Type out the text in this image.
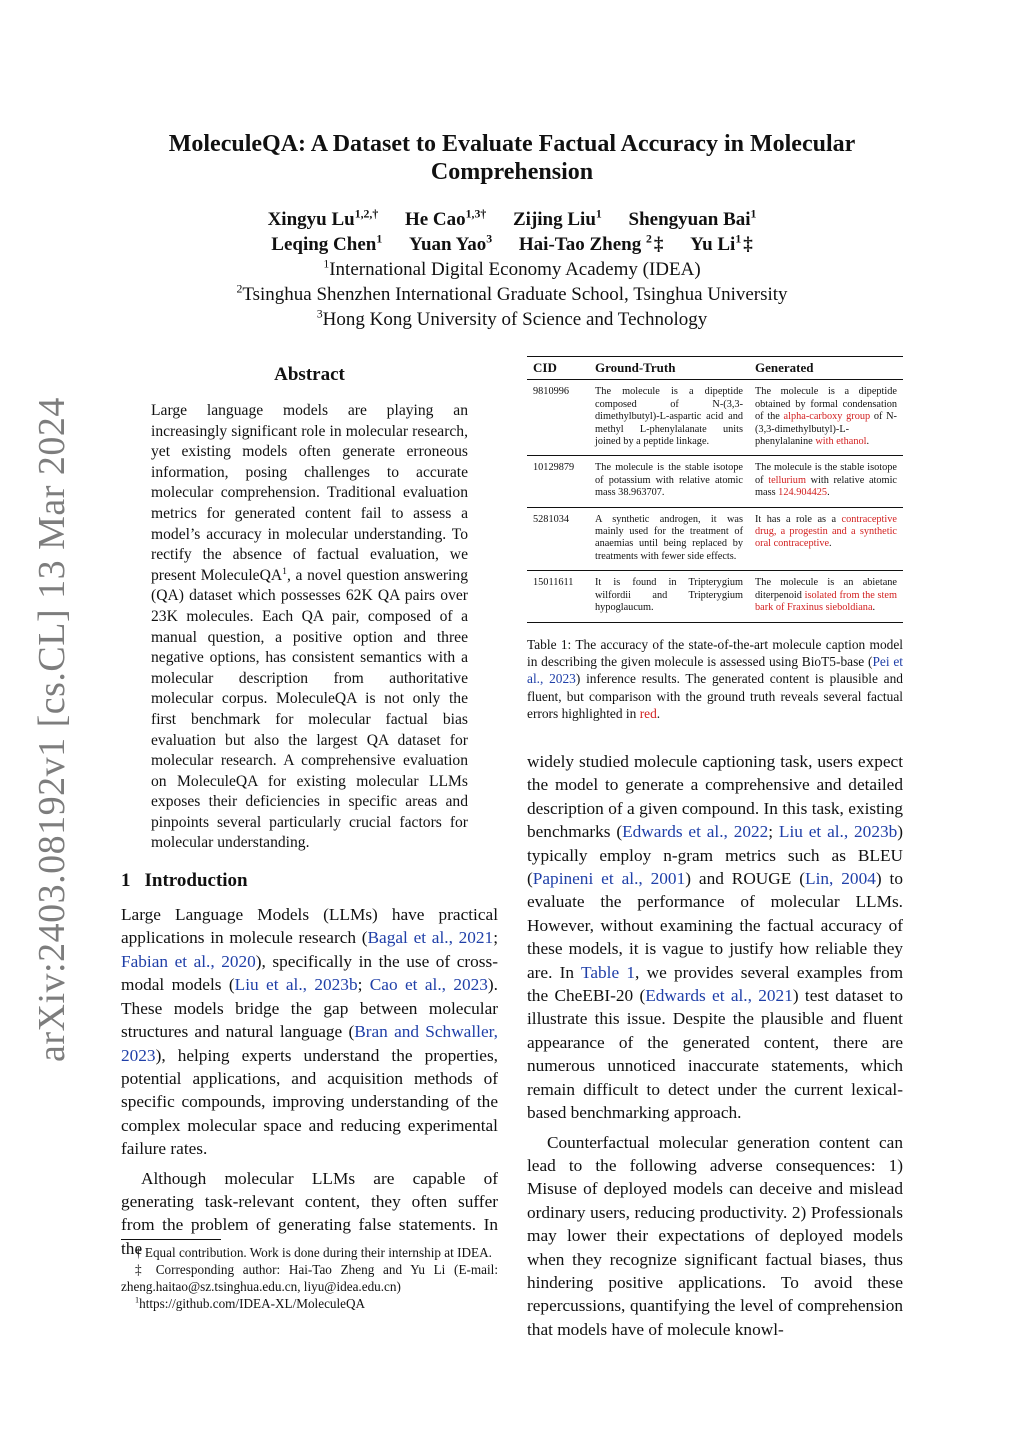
arXiv:2403.08192v1 [cs.CL] 13 Mar 2024
MoleculeQA: A Dataset to Evaluate Factual Accuracy in Molecular Comprehension
Xingyu $Lu^{1,2,\dagger}$ He Cao$^{1,3\dagger}$ Zijing Liu$^1$ Shengyuan Bai$^1$
Leqing Chen$^1$ Yuan Yao$^3$ Hai-Tao Zheng $^2$ ‡ Yu Li$^1$ ‡
$^1$International Digital Economy Academy (IDEA)
$^2$Tsinghua Shenzhen International Graduate School, Tsinghua University
$^3$Hong Kong University of Science and Technology
Abstract

Large language models are playing an increasingly significant role in molecular research, yet existing models often generate erroneous information, posing challenges to accurate molecular comprehension. Traditional evaluation metrics for generated content fail to assess a model’s accuracy in molecular understanding. To rectify the absence of factual evaluation, we present MoleculeQA$^1$, a novel question answering (QA) dataset which possesses 62K QA pairs over 23K molecules. Each QA pair, composed of a manual question, a positive option and three negative options, has consistent semantics with a molecular description from authoritative molecular corpus. MoleculeQA is not only the first benchmark for molecular factual bias evaluation but also the largest QA dataset for molecular research. A comprehensive evaluation on MoleculeQA for existing molecular LLMs exposes their deficiencies in specific areas and pinpoints several particularly crucial factors for molecular understanding.

1 Introduction

Large Language Models (LLMs) have practical applications in molecule research (Bagal et al., 2021; Fabian et al., 2020), specifically in the use of cross-modal models (Liu et al., 2023b; Cao et al., 2023). These models bridge the gap between molecular structures and natural language (Bran and Schwaller, 2023), helping experts understand the properties, potential applications, and acquisition methods of specific compounds, improving understanding of the complex molecular space and reducing experimental failure rates.

Although molecular LLMs are capable of generating task-relevant content, they often suffer from the problem of generating false statements. In the

† Equal contribution. Work is done during their internship at IDEA.

‡ Corresponding author: Hai-Tao Zheng and Yu Li (E-mail: zheng.haitao@sz.tsinghua.edu.cn, liyu@idea.edu.cn)

$^1$https://github.com/IDEA-XL/MoleculeQA

CID	Ground-Truth	Generated
9810996	The molecule is a dipeptide composed of N-(3,3-dimethylbutyl)-L-aspartic acid and methyl L-phenylalanate units joined by a peptide linkage.	The molecule is a dipeptide obtained by formal condensation of the alpha-carboxy group of N-(3,3-dimethylbutyl)-L-phenylalanine with ethanol.
10129879	The molecule is the stable isotope of potassium with relative atomic mass 38.963707.	The molecule is the stable isotope of tellurium with relative atomic mass 124.904425.
5281034	A synthetic androgen, it was mainly used for the treatment of anaemias until being replaced by treatments with fewer side effects.	It has a role as a contraceptive drug, a progestin and a synthetic oral contraceptive.
15011611	It is found in Tripterygium wilfordii and Tripterygium hypoglaucum.	The molecule is an abietane diterpenoid isolated from the stem bark of Fraxinus sieboldiana.

Table 1: The accuracy of the state-of-the-art molecule caption model in describing the given molecule is assessed using BioT5-base (Pei et al., 2023) inference results. The generated content is plausible and fluent, but comparison with the ground truth reveals several factual errors highlighted in red.

widely studied molecule captioning task, users expect the model to generate a comprehensive and detailed description of a given compound. In this task, existing benchmarks (Edwards et al., 2022; Liu et al., 2023b) typically employ n-gram metrics such as BLEU (Papineni et al., 2001) and ROUGE (Lin, 2004) to evaluate the performance of molecular LLMs. However, without examining the factual accuracy of these models, it is vague to justify how reliable they are. In Table 1, we provides several examples from the CheEBI-20 (Edwards et al., 2021) test dataset to illustrate this issue. Despite the plausible and fluent appearance of the generated content, there are numerous unnoticed inaccurate statements, which remain difficult to detect under the current lexical-based benchmarking approach.

Counterfactual molecular generation content can lead to the following adverse consequences: 1) Misuse of deployed models can deceive and mislead ordinary users, reducing productivity. 2) Professionals may lower their expectations of deployed models when they recognize significant factual biases, thus hindering positive applications. To avoid these repercussions, quantifying the level of comprehension that models have of molecule knowl-
